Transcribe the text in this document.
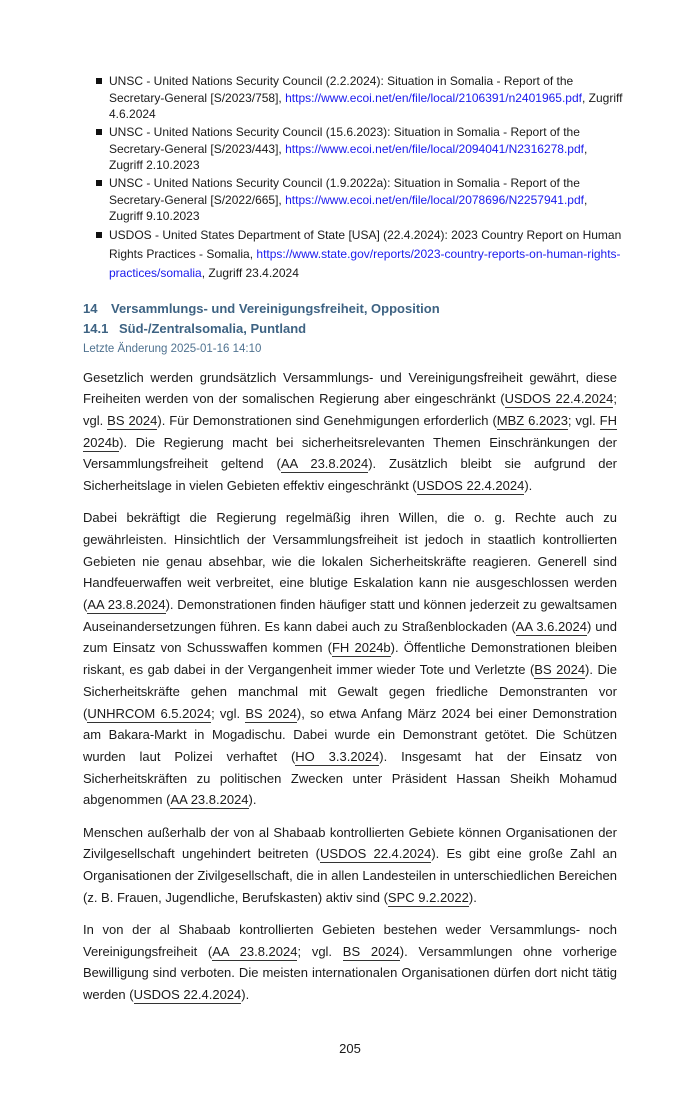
UNSC - United Nations Security Council (2.2.2024): Situation in Somalia - Report of the Secretary-General [S/2023/758], https://www.ecoi.net/en/file/local/2106391/n2401965.pdf, Zugriff 4.6.2024
UNSC - United Nations Security Council (15.6.2023): Situation in Somalia - Report of the Secretary-General [S/2023/443], https://www.ecoi.net/en/file/local/2094041/N2316278.pdf, Zugriff 2.10.2023
UNSC - United Nations Security Council (1.9.2022a): Situation in Somalia - Report of the Secretary-General [S/2022/665], https://www.ecoi.net/en/file/local/2078696/N2257941.pdf, Zugriff 9.10.2023
USDOS - United States Department of State [USA] (22.4.2024): 2023 Country Report on Human Rights Practices - Somalia, https://www.state.gov/reports/2023-country-reports-on-human-rights-practices/somalia, Zugriff 23.4.2024
14 Versammlungs- und Vereinigungsfreiheit, Opposition
14.1 Süd-/Zentralsomalia, Puntland
Letzte Änderung 2025-01-16 14:10

Gesetzlich werden grundsätzlich Versammlungs- und Vereinigungsfreiheit gewährt, diese Freiheiten werden von der somalischen Regierung aber eingeschränkt (USDOS 22.4.2024; vgl. BS 2024). Für Demonstrationen sind Genehmigungen erforderlich (MBZ 6.2023; vgl. FH 2024b). Die Regierung macht bei sicherheitsrelevanten Themen Einschränkungen der Versammlungsfreiheit geltend (AA 23.8.2024). Zusätzlich bleibt sie aufgrund der Sicherheitslage in vielen Gebieten effektiv eingeschränkt (USDOS 22.4.2024).

Dabei bekräftigt die Regierung regelmäßig ihren Willen, die o. g. Rechte auch zu gewährleisten. Hinsichtlich der Versammlungsfreiheit ist jedoch in staatlich kontrollierten Gebieten nie genau absehbar, wie die lokalen Sicherheitskräfte reagieren. Generell sind Handfeuerwaffen weit verbreitet, eine blutige Eskalation kann nie ausgeschlossen werden (AA 23.8.2024). Demonstrationen finden häufiger statt und können jederzeit zu gewaltsamen Auseinandersetzungen führen. Es kann dabei auch zu Straßenblockaden (AA 3.6.2024) und zum Einsatz von Schusswaffen kommen (FH 2024b). Öffentliche Demonstrationen bleiben riskant, es gab dabei in der Vergangenheit immer wieder Tote und Verletzte (BS 2024). Die Sicherheitskräfte gehen manchmal mit Gewalt gegen friedliche Demonstranten vor (UNHRCOM 6.5.2024; vgl. BS 2024), so etwa Anfang März 2024 bei einer Demonstration am Bakara-Markt in Mogadischu. Dabei wurde ein Demonstrant getötet. Die Schützen wurden laut Polizei verhaftet (HO 3.3.2024). Insgesamt hat der Einsatz von Sicherheitskräften zu politischen Zwecken unter Präsident Hassan Sheikh Mohamud abgenommen (AA 23.8.2024).

Menschen außerhalb der von al Shabaab kontrollierten Gebiete können Organisationen der Zivilgesellschaft ungehindert beitreten (USDOS 22.4.2024). Es gibt eine große Zahl an Organisationen der Zivilgesellschaft, die in allen Landesteilen in unterschiedlichen Bereichen (z. B. Frauen, Jugendliche, Berufskasten) aktiv sind (SPC 9.2.2022).

In von der al Shabaab kontrollierten Gebieten bestehen weder Versammlungs- noch Vereinigungsfreiheit (AA 23.8.2024; vgl. BS 2024). Versammlungen ohne vorherige Bewilligung sind verboten. Die meisten internationalen Organisationen dürfen dort nicht tätig werden (USDOS 22.4.2024).

205
